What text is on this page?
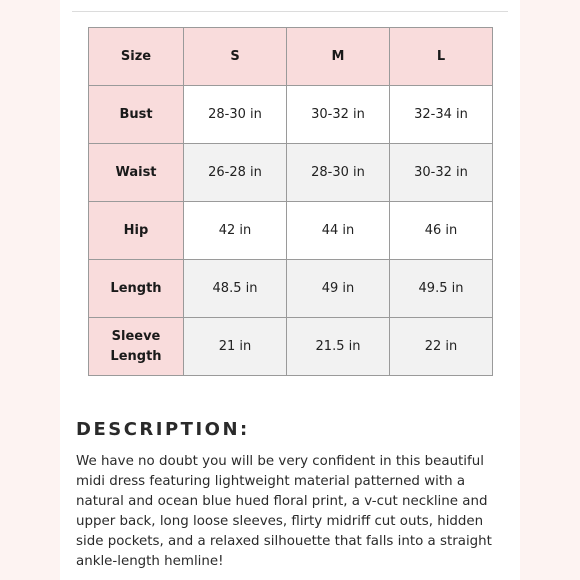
Size	S	M	L
Bust	28-30 in	30-32 in	32-34 in
Waist	26-28 in	28-30 in	30-32 in
Hip	42 in	44 in	46 in
Length	48.5 in	49 in	49.5 in

Sleeve
Length	21 in	21.5 in	22 in
DESCRIPTION:

We have no doubt you will be very confident in this beautiful midi dress featuring lightweight material patterned with a natural and ocean blue hued floral print, a v-cut neckline and upper back, long loose sleeves, flirty midriff cut outs, hidden side pockets, and a relaxed silhouette that falls into a straight ankle-length hemline!
